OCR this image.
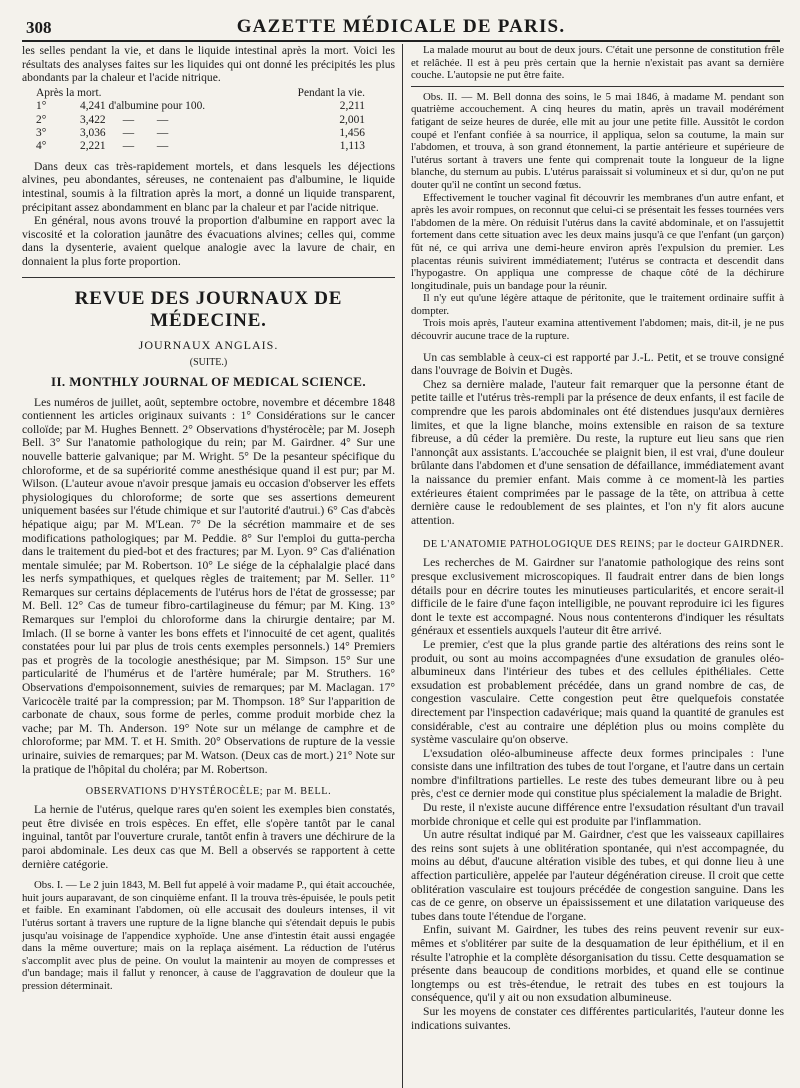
308	GAZETTE MÉDICALE DE PARIS.

les selles pendant la vie, et dans le liquide intestinal après la mort. Voici les résultats des analyses faites sur les liquides qui ont donné les précipités les plus abondants par la chaleur et l'acide nitrique.

Après la mort.		Pendant la vie.
1°	4,241 d'albumine pour 100.	2,211
2°	3,422      —        —	2,001
3°	3,036      —        —	1,456
4°	2,221      —        —	1,113

Dans deux cas très-rapidement mortels, et dans lesquels les déjections alvines, peu abondantes, séreuses, ne contenaient pas d'albumine, le liquide intestinal, soumis à la filtration après la mort, a donné un liquide transparent, précipitant assez abondamment en blanc par la chaleur et par l'acide nitrique.

En général, nous avons trouvé la proportion d'albumine en rapport avec la viscosité et la coloration jaunâtre des évacuations alvines; celles qui, comme dans la dysenterie, avaient quelque analogie avec la lavure de chair, en donnaient la plus forte proportion.

REVUE DES JOURNAUX DE MÉDECINE.
JOURNAUX ANGLAIS.
(SUITE.)
II. MONTHLY JOURNAL OF MEDICAL SCIENCE.

Les numéros de juillet, août, septembre octobre, novembre et décembre 1848 contiennent les articles originaux suivants : 1° Considérations sur le cancer colloïde; par M. Hughes Bennett. 2° Observations d'hystérocèle; par M. Joseph Bell. 3° Sur l'anatomie pathologique du rein; par M. Gairdner. 4° Sur une nouvelle batterie galvanique; par M. Wright. 5° De la pesanteur spécifique du chloroforme, et de sa supériorité comme anesthésique quand il est pur; par M. Wilson. (L'auteur avoue n'avoir presque jamais eu occasion d'observer les effets physiologiques du chloroforme; de sorte que ses assertions demeurent uniquement basées sur l'étude chimique et sur l'autorité d'autrui.) 6° Cas d'abcès hépatique aigu; par M. M'Lean. 7° De la sécrétion mammaire et de ses modifications pathologiques; par M. Peddie. 8° Sur l'emploi du gutta-percha dans le traitement du pied-bot et des fractures; par M. Lyon. 9° Cas d'aliénation mentale simulée; par M. Robertson. 10° Le siége de la céphalalgie placé dans les nerfs sympathiques, et quelques règles de traitement; par M. Seller. 11° Remarques sur certains déplacements de l'utérus hors de l'état de grossesse; par M. Bell. 12° Cas de tumeur fibro-cartilagineuse du fémur; par M. King. 13° Remarques sur l'emploi du chloroforme dans la chirurgie dentaire; par M. Imlach. (Il se borne à vanter les bons effets et l'innocuité de cet agent, qualités constatées pour lui par plus de trois cents exemples personnels.) 14° Premiers pas et progrès de la tocologie anesthésique; par M. Simpson. 15° Sur une particularité de l'humérus et de l'artère humérale; par M. Struthers. 16° Observations d'empoisonnement, suivies de remarques; par M. Maclagan. 17° Varicocèle traité par la compression; par M. Thompson. 18° Sur l'apparition de carbonate de chaux, sous forme de perles, comme produit morbide chez la vache; par M. Th. Anderson. 19° Note sur un mélange de camphre et de chloroforme; par MM. T. et H. Smith. 20° Observations de rupture de la vessie urinaire, suivies de remarques; par M. Watson. (Deux cas de mort.) 21° Note sur la pratique de l'hôpital du choléra; par M. Robertson.

OBSERVATIONS D'HYSTÉROCÈLE; par M. BELL.

La hernie de l'utérus, quelque rares qu'en soient les exemples bien constatés, peut être divisée en trois espèces. En effet, elle s'opère tantôt par le canal inguinal, tantôt par l'ouverture crurale, tantôt enfin à travers une déchirure de la paroi abdominale. Les deux cas que M. Bell a observés se rapportent à cette dernière catégorie.

Obs. I. — Le 2 juin 1843, M. Bell fut appelé à voir madame P., qui était accouchée, huit jours auparavant, de son cinquième enfant. Il la trouva très-épuisée, le pouls petit et faible. En examinant l'abdomen, où elle accusait des douleurs intenses, il vit l'utérus sortant à travers une rupture de la ligne blanche qui s'étendait depuis le pubis jusqu'au voisinage de l'appendice xyphoïde. Une anse d'intestin était aussi engagée dans la même ouverture; mais on la replaça aisément. La réduction de l'utérus s'accomplit avec plus de peine. On voulut la maintenir au moyen de compresses et d'un bandage; mais il fallut y renoncer, à cause de l'aggravation de douleur que la pression déterminait.

La malade mourut au bout de deux jours. C'était une personne de constitution frêle et relâchée. Il est à peu près certain que la hernie n'existait pas avant sa dernière couche. L'autopsie ne put être faite.

Obs. II. — M. Bell donna des soins, le 5 mai 1846, à madame M. pendant son quatrième accouchement. A cinq heures du matin, après un travail modérément fatigant de seize heures de durée, elle mit au jour une petite fille. Aussitôt le cordon coupé et l'enfant confiée à sa nourrice, il appliqua, selon sa coutume, la main sur l'abdomen, et trouva, à son grand étonnement, la partie antérieure et supérieure de l'utérus sortant à travers une fente qui comprenait toute la longueur de la ligne blanche, du sternum au pubis. L'utérus paraissait si volumineux et si dur, qu'on ne put douter qu'il ne contînt un second fœtus.

Effectivement le toucher vaginal fit découvrir les membranes d'un autre enfant, et après les avoir rompues, on reconnut que celui-ci se présentait les fesses tournées vers l'abdomen de la mère. On réduisit l'utérus dans la cavité abdominale, et on l'assujettit fortement dans cette situation avec les deux mains jusqu'à ce que l'enfant (un garçon) fût né, ce qui arriva une demi-heure environ après l'expulsion du premier. Les placentas réunis suivirent immédiatement; l'utérus se contracta et descendit dans l'hypogastre. On appliqua une compresse de chaque côté de la déchirure longitudinale, puis un bandage pour la réunir.

Il n'y eut qu'une légère attaque de péritonite, que le traitement ordinaire suffit à dompter.

Trois mois après, l'auteur examina attentivement l'abdomen; mais, dit-il, je ne pus découvrir aucune trace de la rupture.

Un cas semblable à ceux-ci est rapporté par J.-L. Petit, et se trouve consigné dans l'ouvrage de Boivin et Dugès.

Chez sa dernière malade, l'auteur fait remarquer que la personne étant de petite taille et l'utérus très-rempli par la présence de deux enfants, il est facile de comprendre que les parois abdominales ont été distendues jusqu'aux dernières limites, et que la ligne blanche, moins extensible en raison de sa texture fibreuse, a dû céder la première. Du reste, la rupture eut lieu sans que rien l'annonçât aux assistants. L'accouchée se plaignit bien, il est vrai, d'une douleur brûlante dans l'abdomen et d'une sensation de défaillance, immédiatement avant la naissance du premier enfant. Mais comme à ce moment-là les parties extérieures étaient comprimées par le passage de la tête, on attribua à cette dernière cause le redoublement de ses plaintes, et l'on n'y fit alors aucune attention.

DE L'ANATOMIE PATHOLOGIQUE DES REINS; par le docteur GAIRDNER.

Les recherches de M. Gairdner sur l'anatomie pathologique des reins sont presque exclusivement microscopiques. Il faudrait entrer dans de bien longs détails pour en décrire toutes les minutieuses particularités, et encore serait-il difficile de le faire d'une façon intelligible, ne pouvant reproduire ici les figures dont le texte est accompagné. Nous nous contenterons d'indiquer les résultats généraux et essentiels auxquels l'auteur dit être arrivé.

Le premier, c'est que la plus grande partie des altérations des reins sont le produit, ou sont au moins accompagnées d'une exsudation de granules oléo-albumineux dans l'intérieur des tubes et des cellules épithéliales. Cette exsudation est probablement précédée, dans un grand nombre de cas, de congestion vasculaire. Cette congestion peut être quelquefois constatée directement par l'inspection cadavérique; mais quand la quantité de granules est considérable, c'est au contraire une déplétion plus ou moins complète du système vasculaire qu'on observe.

L'exsudation oléo-albumineuse affecte deux formes principales : l'une consiste dans une infiltration des tubes de tout l'organe, et l'autre dans un certain nombre d'infiltrations partielles. Le reste des tubes demeurant libre ou à peu près, c'est ce dernier mode qui constitue plus spécialement la maladie de Bright.

Du reste, il n'existe aucune différence entre l'exsudation résultant d'un travail morbide chronique et celle qui est produite par l'inflammation.

Un autre résultat indiqué par M. Gairdner, c'est que les vaisseaux capillaires des reins sont sujets à une oblitération spontanée, qui n'est accompagnée, du moins au début, d'aucune altération visible des tubes, et qui donne lieu à une affection particulière, appelée par l'auteur dégénération cireuse. Il croit que cette oblitération vasculaire est toujours précédée de congestion sanguine. Dans les cas de ce genre, on observe un épaississement et une dilatation variqueuse des tubes dans toute l'étendue de l'organe.

Enfin, suivant M. Gairdner, les tubes des reins peuvent revenir sur eux-mêmes et s'oblitérer par suite de la desquamation de leur épithélium, et il en résulte l'atrophie et la complète désorganisation du tissu. Cette desquamation se présente dans beaucoup de conditions morbides, et quand elle se continue longtemps ou est très-étendue, le retrait des tubes en est toujours la conséquence, qu'il y ait ou non exsudation albumineuse.

Sur les moyens de constater ces différentes particularités, l'auteur donne les indications suivantes.
